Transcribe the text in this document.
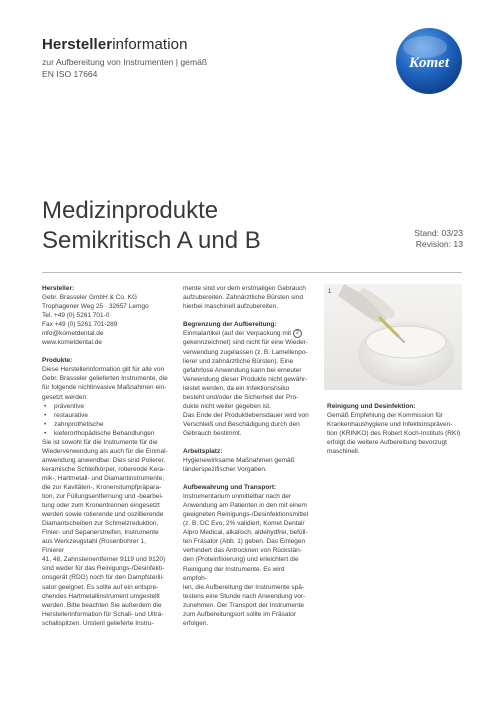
Herstellerinformation
zur Aufbereitung von Instrumenten | gemäß
EN ISO 17664
Komet
Medizinprodukte
Semikritisch A und B	Stand: 03/23
Revision: 13

Hersteller:

Gebr. Brasseler GmbH & Co. KG

Trophagener Weg 25 · 32657 Lemgo

Tel. +49 (0) 5261 701-0

Fax +49 (0) 5261 701-289

info@kometdental.de

www.kometdental.de

Produkte:

Diese Herstellerinformation gilt für alle von

Gebr. Brasseler gelieferten Instrumente, die

für folgende nichtinvasive Maßnahmen ein-

gesetzt werden:

• präventive
• restaurative
• zahnprothetische
• kieferorthopädische Behandlungen

Sie ist sowohl für die Instrumente für die

Wiederverwendung als auch für die Einmal-

anwendung anwendbar. Dies sind Polierer,

keramische Schleifkörper, rotierende Kera-

mik-, Hartmetall- und Diamantinstrumente,

die zur Kavitäten-, Kronenstumpfpräpara-

tion, zur Füllungsentfernung und -bearbei-

tung oder zum Kronentrennen eingesetzt

werden sowie rotierende und oszillierende

Diamantscheiben zur Schmelzreduktion,

Finier- und Separierstreifen, Instrumente

aus Werkzeugstahl (Rosenbohrer 1, Finierer

41, 48, Zahnsteinentferner 9119 und 9120)

sind weder für das Reinigungs-/Desinfekti-

onsgerät (RDG) noch für den Dampfsterili-

sator geeignet. Es sollte auf ein entspre-

chendes Hartmetallinstrument umgestellt

werden. Bitte beachten Sie außerdem die

Herstellerinformation für Schall- und Ultra-

schallspitzen. Unsteril gelieferte Instru-

mente sind vor dem erstmaligen Gebrauch

aufzubereiten. Zahnärztliche Bürsten sind

hierbei maschinell aufzubereiten.

Begrenzung der Aufbereitung:

Einmalartikel (auf der Verpackung mit 2

gekennzeichnet) sind nicht für eine Wieder-

verwendung zugelassen (z. B. Lamellenpo-

lierer und zahnärztliche Bürsten). Eine

gefahrlose Anwendung kann bei erneuter

Verwendung dieser Produkte nicht gewähr-

leistet werden, da ein Infektionsrisiko

besteht und/oder die Sicherheit der Pro-

dukte nicht weiter gegeben ist.

Das Ende der Produktlebensdauer wird von

Verschleiß und Beschädigung durch den

Gebrauch bestimmt.

Arbeitsplatz:

Hygienewirksame Maßnahmen gemäß

länderspezifischer Vorgaben.

Aufbewahrung und Transport:

Instrumentarium unmittelbar nach der

Anwendung am Patienten in den mit einem

geeigneten Reinigungs-/Desinfektionsmittel

(z. B. DC Evo, 2% validiert, Komet Dental/

Alpro Medical, alkalisch, aldehydfrei, befüll-

ten Fräsator (Abb. 1) geben. Das Einlegen

verhindert das Antrocknen von Rückstän-

den (Proteinfixierung) und erleichtert die

Reinigung der Instrumente. Es wird empfoh-

len, die Aufbereitung der Instrumente spä-

testens eine Stunde nach Anwendung vor-

zunehmen. Der Transport der Instrumente

zum Aufbereitungsort sollte im Fräsator

erfolgen.

1

Reinigung und Desinfektion:

Gemäß Empfehlung der Kommission für

Krankenhaushygiene und Infektionspräven-

tion (KRINKO) des Robert Koch-Instituts (RKI)

erfolgt die weitere Aufbereitung bevorzugt

maschinell.
